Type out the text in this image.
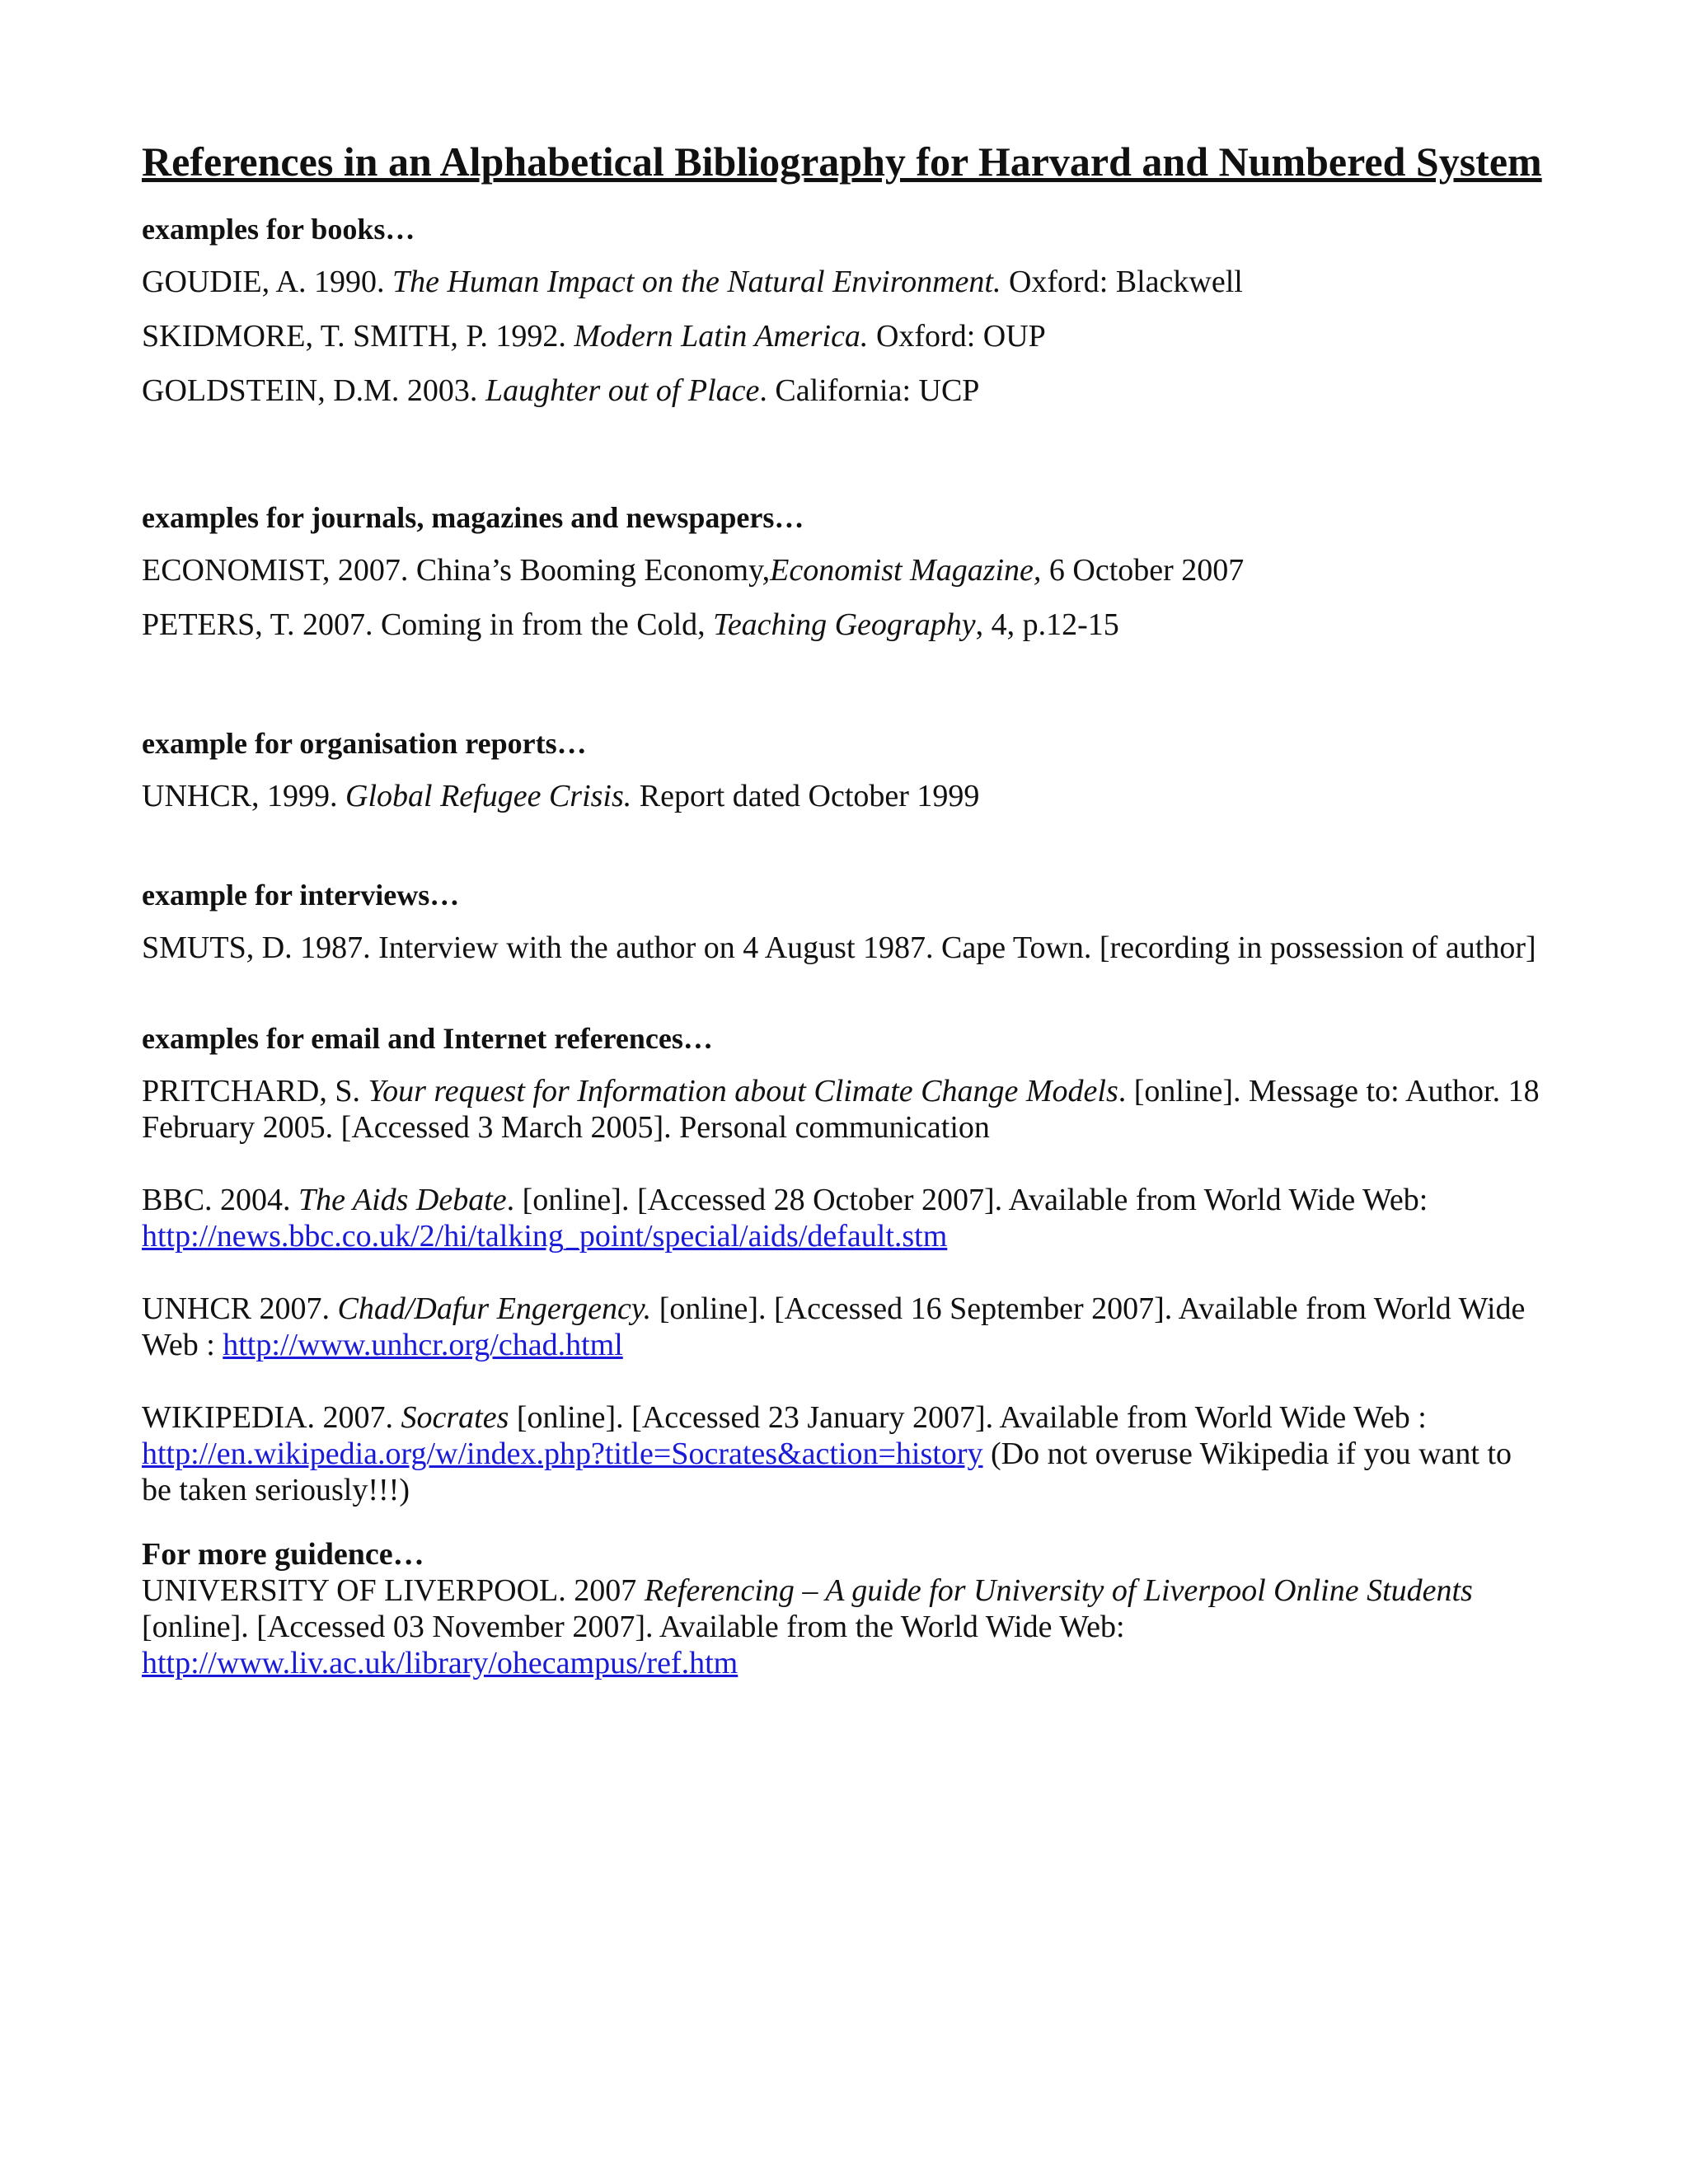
References in an Alphabetical Bibliography for Harvard and Numbered System

examples for books…

GOUDIE, A. 1990. The Human Impact on the Natural Environment. Oxford: Blackwell

SKIDMORE, T. SMITH, P. 1992. Modern Latin America. Oxford: OUP

GOLDSTEIN, D.M. 2003. Laughter out of Place. California: UCP

examples for journals, magazines and newspapers…

ECONOMIST, 2007. China’s Booming Economy,Economist Magazine, 6 October 2007

PETERS, T. 2007. Coming in from the Cold, Teaching Geography, 4, p.12-15

example for organisation reports…

UNHCR, 1999. Global Refugee Crisis. Report dated October 1999

example for interviews…

SMUTS, D. 1987. Interview with the author on 4 August 1987. Cape Town. [recording in possession of author]

examples for email and Internet references…

PRITCHARD, S. Your request for Information about Climate Change Models. [online]. Message to: Author. 18 February 2005. [Accessed 3 March 2005]. Personal communication

BBC. 2004. The Aids Debate. [online]. [Accessed 28 October 2007]. Available from World Wide Web: http://news.bbc.co.uk/2/hi/talking_point/special/aids/default.stm

UNHCR 2007. Chad/Dafur Engergency. [online]. [Accessed 16 September 2007]. Available from World Wide Web : http://www.unhcr.org/chad.html

WIKIPEDIA. 2007. Socrates [online]. [Accessed 23 January 2007]. Available from World Wide Web : http://en.wikipedia.org/w/index.php?title=Socrates&action=history (Do not overuse Wikipedia if you want to be taken seriously!!!)

For more guidence…

UNIVERSITY OF LIVERPOOL. 2007 Referencing – A guide for University of Liverpool Online Students [online]. [Accessed 03 November 2007]. Available from the World Wide Web: http://www.liv.ac.uk/library/ohecampus/ref.htm
